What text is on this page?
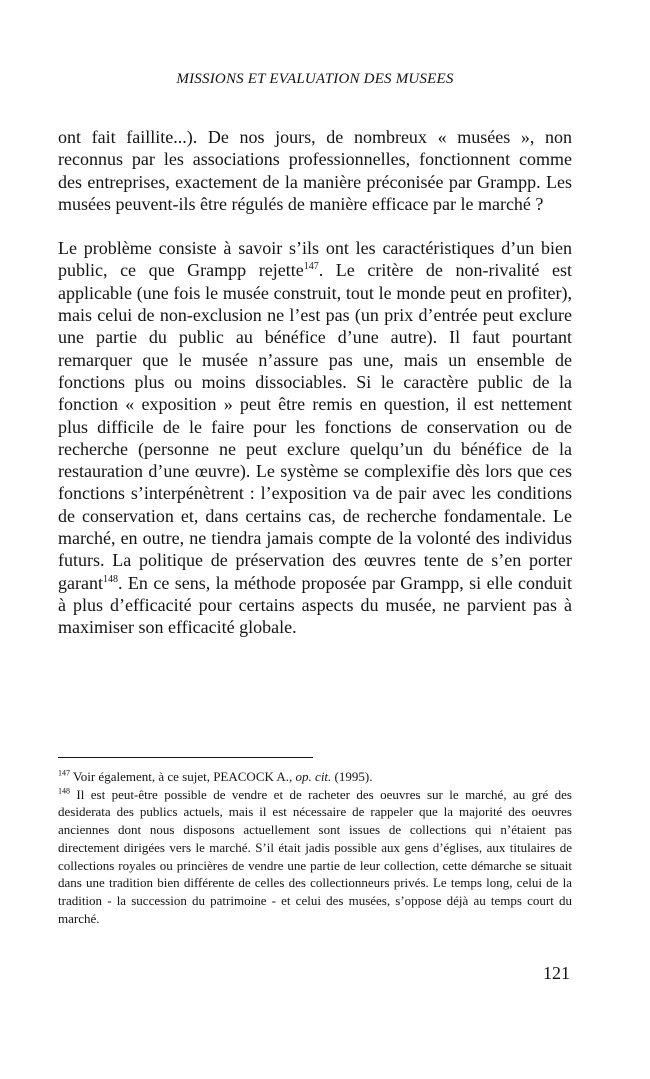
MISSIONS ET EVALUATION DES MUSEES

ont fait faillite...). De nos jours, de nombreux « musées », non reconnus par les associations professionnelles, fonctionnent comme des entreprises, exactement de la manière préconisée par Grampp. Les musées peuvent-ils être régulés de manière efficace par le marché ?

Le problème consiste à savoir s’ils ont les caractéristiques d’un bien public, ce que Grampp rejette$^{147}$. Le critère de non-rivalité est applicable (une fois le musée construit, tout le monde peut en profiter), mais celui de non-exclusion ne l’est pas (un prix d’entrée peut exclure une partie du public au bénéfice d’une autre). Il faut pourtant remarquer que le musée n’assure pas une, mais un ensemble de fonctions plus ou moins dissociables. Si le caractère public de la fonction « exposition » peut être remis en question, il est nettement plus difficile de le faire pour les fonctions de conservation ou de recherche (personne ne peut exclure quelqu’un du bénéfice de la restauration d’une œuvre). Le système se complexifie dès lors que ces fonctions s’interpénètrent : l’exposition va de pair avec les conditions de conservation et, dans certains cas, de recherche fondamentale. Le marché, en outre, ne tiendra jamais compte de la volonté des individus futurs. La politique de préservation des œuvres tente de s’en porter garant$^{148}$. En ce sens, la méthode proposée par Grampp, si elle conduit à plus d’efficacité pour certains aspects du musée, ne parvient pas à maximiser son efficacité globale.

$^{147}$ Voir également, à ce sujet, PEACOCK A., op. cit. (1995).

$^{148}$ Il est peut-être possible de vendre et de racheter des oeuvres sur le marché, au gré des desiderata des publics actuels, mais il est nécessaire de rappeler que la majorité des oeuvres anciennes dont nous disposons actuellement sont issues de collections qui n’étaient pas directement dirigées vers le marché. S’il était jadis possible aux gens d’églises, aux titulaires de collections royales ou princières de vendre une partie de leur collection, cette démarche se situait dans une tradition bien différente de celles des collectionneurs privés. Le temps long, celui de la tradition - la succession du patrimoine - et celui des musées, s’oppose déjà au temps court du marché.

121
